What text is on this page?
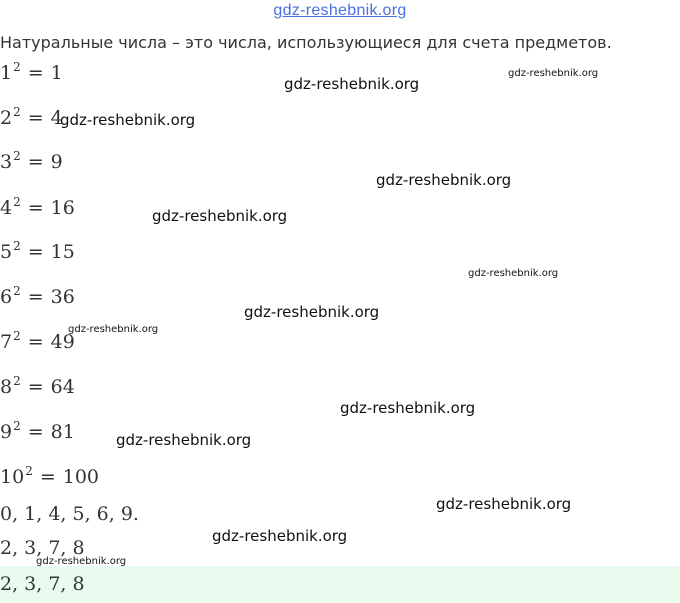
gdz-reshebnik.org
Натуральные числа – это числа, использующиеся для счета предметов.
$1^2 = 1$
$2^2 = 4$
$3^2 = 9$
$4^2 = 16$
$5^2 = 15$
$6^2 = 36$
$7^2 = 49$
$8^2 = 64$
$9^2 = 81$
$10^2 = 100$
0, 1, 4, 5, 6, 9.
2, 3, 7, 8
2, 3, 7, 8
gdz-reshebnik.org
gdz-reshebnik.org
gdz-reshebnik.org
gdz-reshebnik.org
gdz-reshebnik.org
gdz-reshebnik.org
gdz-reshebnik.org
gdz-reshebnik.org
gdz-reshebnik.org
gdz-reshebnik.org
gdz-reshebnik.org
gdz-reshebnik.org
gdz-reshebnik.org
